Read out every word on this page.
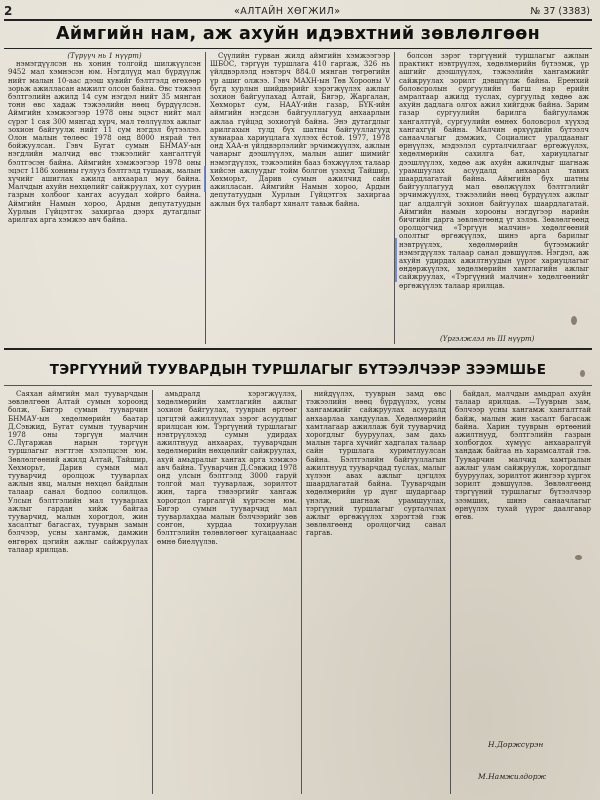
2	«АЛТАЙН ХӨГЖИЛ»	№ 37 (3383)
Аймгийн нам, аж ахуйн идэвхтний зөвлөлгөөн
(Түрүүч нь 1 нүүрт)

нэмэгдүүлсэн нь хонин толгойд шилжүүлсэн 9452 мал хэмнэсэн юм. Нэгдлүүд мал бүрдүүлж нийт малын 10-аас дээш хувийг бэлтгэлд өгөхөөр зорьж ажилласан амжилт олсон байна. Өвс тэжээл бэлтгэлийн ажилд 14 сум нэгдэл нийт 35 мянган тонн өвс хадаж тэжээлийн нөөц бүрдүүлсэн. Аймгийн хэмжээгээр 1978 оны эцэст нийт мал сүрэг 1 сая 300 мянгад хүрч, мал төллүүлэх ажлыг зохион байгуулж нийт 11 сум нэгдэл бүтээлээ. Олон малын төлөөс 1978 онд 8000 нярай төл бойжуулсан. Гэвч Бугат сумын БНМАУ-ын нэгдлийн малчид өвс тэжээлийг хангалтгүй бэлтгэсэн байна. Аймгийн хэмжээгээр 1978 оны эцэст 1186 хонины гулууз бэлтгэлд тушааж, малын хүчийг ашиглах ажилд анхаарал муу байна. Малчдын ахуйн нөхцөлийг сайжруулах, хот суурин газрын холбоог хангах асуудал хойрго байна. Аймгийн Намын хороо, Ардын депутатуудын Хурлын Гүйцэтгэх захиргаа дээрх дутагдлыг арилгах арга хэмжээ авч байна.

Сүүлийн гурван жилд аймгийн хэмжээгээр ШБОС, тэргүүн туршлага 410 гаргаж, 326 нь үйлдвэрлэлд нэвтэрч 884.0 мянган төгрөгийн үр ашиг олжээ. Гэвч МАХН-ын Төв Хорооны V бүгд хурлын шийдвэрийг хэрэгжүүлэх ажлыг зохион байгуулахад Алтай, Бигэр, Жаргалан, Хөхморьт сум, НААҮ-ийн газар, БҮК-ийн аймгийн нэгдсэн байгууллагууд анхаарлын ажлаа гүйцэд зохиогүй байна. Энэ дутагдлыг арилгахын тулд бүх шатны байгууллагууд хувиараа хариуцлага хүлээх ёстой. 1977, 1978 онд ХАА-н үйлдвэрлэлийг эрчимжүүлэх, ажлын чанарыг дээшлүүлэх, малын ашиг шимийг нэмэгдүүлэх, тэжээлийн бааз бэхжүүлэх талаар хийсэн ажлуудыг тойм болгон үзэхэд Тайшир, Хөхморьт, Дарив сумын ажилчид сайн ажилласан. Аймгийн Намын хороо, Ардын депутатуудын Хурлын Гүйцэтгэх захиргаа ажлын бүх талбарт хяналт тавьж байна.

болсон зэрэг тэргүүний туршлагыг ажлын практикт нэвтрүүлэх, хөдөлмөрийн бүтээмж, үр ашгийг дээшлүүлэх, тэжээлийн хангамжийг сайжруулах зорилт дэвшүүлж байна. Еренхий боловсролын сургуулийн багш нар ерийн амралтаар ажилд туслах, сургуульд хөдөө аж ахуйн дадлага олгох ажил хийгдэж байна. Зарим газар сургуулийн барилга байгууламж хангалтгүй, сургуулийн өмнөх боловсрол хүүхэд хангахгүй байна. Малчин өрхүүдийн бүтээлч санаачлагыг дэмжих, Социалист уралдааныг өрнүүлэх, мэдээлэл сурталчилгааг өргөжүүлэх, хөдөлмөрийн сахилга бат, хариуцлагыг дээшлүүлэх, хөдөө аж ахуйн ажилчдыг шагнаж урамшуулах асуудалд анхаарал тавих шаардлагатай байна. Аймгийн бүх шатны байгууллагууд мал өвөлжүүлэх бэлтгэлийг эрчимжүүлэх, тэжээлийн нөөц бүрдүүлэх ажлыг цаг алдалгүй зохион байгуулах шаардлагатай. Аймгийн намын хорооны нэгдүгээр нарийн бичгийн дарга зөвлөлгөөнд үг хэлэв. Зөвлөлгөөнд оролцогчид «Тэргүүн малчин» хөдөлгөөний ололтыг өргөжүүлэх, шинэ арга барилыг нэвтрүүлэх, хөдөлмөрийн бүтээмжийг нэмэгдүүлэх талаар санал дэвшүүлэв. Нэгдэл, аж ахуйн удирдах ажилтнуудын үүрэг хариуцлагыг өндөржүүлэх, хөдөлмөрийн хамтлагийн ажлыг сайжруулах, «Тэргүүний малчин» хөдөлгөөнийг өргөжүүлэх талаар ярилцав.

(Үргэлжлэл нь III нүүрт)
ТЭРГҮҮНИЙ ТУУВАРДЫН ТУРШЛАГЫГ БҮТЭЭЛЧЭЭР ЗЭЭМШЬЕ

Саяхан аймгийн мал тууварчдын зөвлөлгөөн Алтай сумын хороонд болж, Бигэр сумын тууварчин БНМАУ-ын хөдөлмөрийн баатар Д.Сэвжид, Бугат сумын тууварчин 1978 оны тэргүүн малчин С.Лүгаржав нарын тэргүүн туршлагыг нэгтгэн хэлэлцсэн юм. Зөвлөлгөөний ажилд Алтай, Тайшир, Хөхморьт, Дарив сумын мал тууварчид оролцож тууварлах ажлын явц, малын нөхцөл байдлын талаар санал бодлоо солилцов. Улсын бэлтгэлийн мал тууварлах ажлыг гардан хийж байгаа тууварчид, малын хорогдол, жин хасалтыг багасгах, тууврын замын бэлчээр, усны хангамж, дамжин өнгөрөх цэгийн ажлыг сайжруулах талаар ярилцав.

амьдралд хэрэгжүүлэх, хөдөлмөрийн хамтлагийн ажлыг зохион байгуулах, тууврын өртөөг цэгцтэй ажиллуулах зэрэг асуудлыг ярилцсан юм. Тэргүүний туршлагыг нэвтрүүлэхэд сумын удирдах ажилтнууд анхаарах, тууварчдын хөдөлмөрийн нөхцөлийг сайжруулах, ахуй амьдралыг хангах арга хэмжээ авч байна. Тууварчин Д.Сэвжид 1978 онд улсын бэлтгэлд 3000 гаруй толгой мал тууварлаж, зорилтот жин, тарга тэвээргийг хангаж хорогдол гаргалгүй хүргэсэн юм. Бигэр сумын тууварчид мал тууварлахдаа малын бэлчээрийг зөв сонгон, хурдаа тохируулан бэлтгэлийн төлөвлөгөөг хугацаанаас өмнө биелүүлэв.

нийдүүлэх, тууврын замд өвс тэжээлийн нөөц бүрдүүлэх, усны хангамжийг сайжруулах асуудалд анхаарлаа хандуулав. Хөдөлмөрийн хамтлагаар ажиллаж буй тууварчид хорогдлыг бууруулах, зам дахь малын тарга хүчийг хадгалах талаар сайн туршлага хуримтлуулсан байна. Бэлтгэлийн байгууллагын ажилтнууд тууварчдад туслах, малыг хүлээн авах ажлыг цэгцлэх шаардлагатай байна. Тууварчдын хөдөлмөрийн үр дүнг шударгаар үнэлж, шагнаж урамшуулах, тэргүүний туршлагыг сурталчлах ажлыг өргөжүүлэх хэрэгтэй гэж зөвлөлгөөнд оролцогчид санал гаргав.

байдал, малчдын амьдрал ахуйн талаар ярилцав. —Тууврын зам, бэлчээр усны хангамж хангалттай байж, малын жин хасалт багасаж байна. Харин тууврын өртөөний ажилтнууд, бэлтгэлийн газрын холбогдох хүмүүс анхааралгүй хандаж байгаа нь харамсалтай гэв. Тууварчин малчид хамтралын ажлыг улам сайжруулж, хорогдлыг бууруулах, зорилтот жингээр хүргэх зорилт дэвшүүлэв. Зөвлөлгөөнд тэргүүний туршлагыг бүтээлчээр зээмших, шинэ санаачлагыг өрнүүлэх тухай үүрэг даалгавар өгөв.

Н.Доржсүрэн
М.Намжилдорж
